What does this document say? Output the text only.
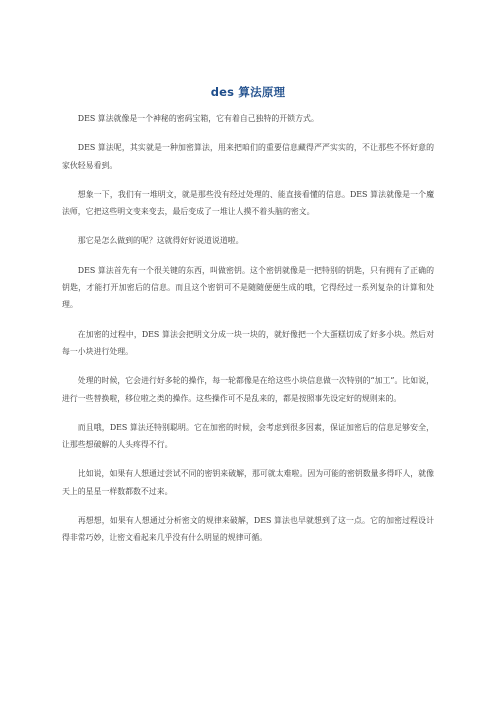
des 算法原理

DES 算法就像是一个神秘的密码宝箱，它有着自己独特的开锁方式。

DES 算法呢，其实就是一种加密算法，用来把咱们的重要信息藏得严严实实的，不让那些不怀好意的家伙轻易看到。

想象一下，我们有一堆明文，就是那些没有经过处理的、能直接看懂的信息。DES 算法就像是一个魔法师，它把这些明文变来变去，最后变成了一堆让人摸不着头脑的密文。

那它是怎么做到的呢？这就得好好说道说道啦。

DES 算法首先有一个很关键的东西，叫做密钥。这个密钥就像是一把特别的钥匙，只有拥有了正确的钥匙，才能打开加密后的信息。而且这个密钥可不是随随便便生成的哦，它得经过一系列复杂的计算和处理。

在加密的过程中，DES 算法会把明文分成一块一块的，就好像把一个大蛋糕切成了好多小块。然后对每一小块进行处理。

处理的时候，它会进行好多轮的操作，每一轮都像是在给这些小块信息做一次特别的“加工”。比如说，进行一些替换啦，移位啦之类的操作。这些操作可不是乱来的，都是按照事先设定好的规则来的。

而且哦，DES 算法还特别聪明。它在加密的时候，会考虑到很多因素，保证加密后的信息足够安全，让那些想破解的人头疼得不行。

比如说，如果有人想通过尝试不同的密钥来破解，那可就太难啦。因为可能的密钥数量多得吓人，就像天上的星星一样数都数不过来。

再想想，如果有人想通过分析密文的规律来破解，DES 算法也早就想到了这一点。它的加密过程设计得非常巧妙，让密文看起来几乎没有什么明显的规律可循。
